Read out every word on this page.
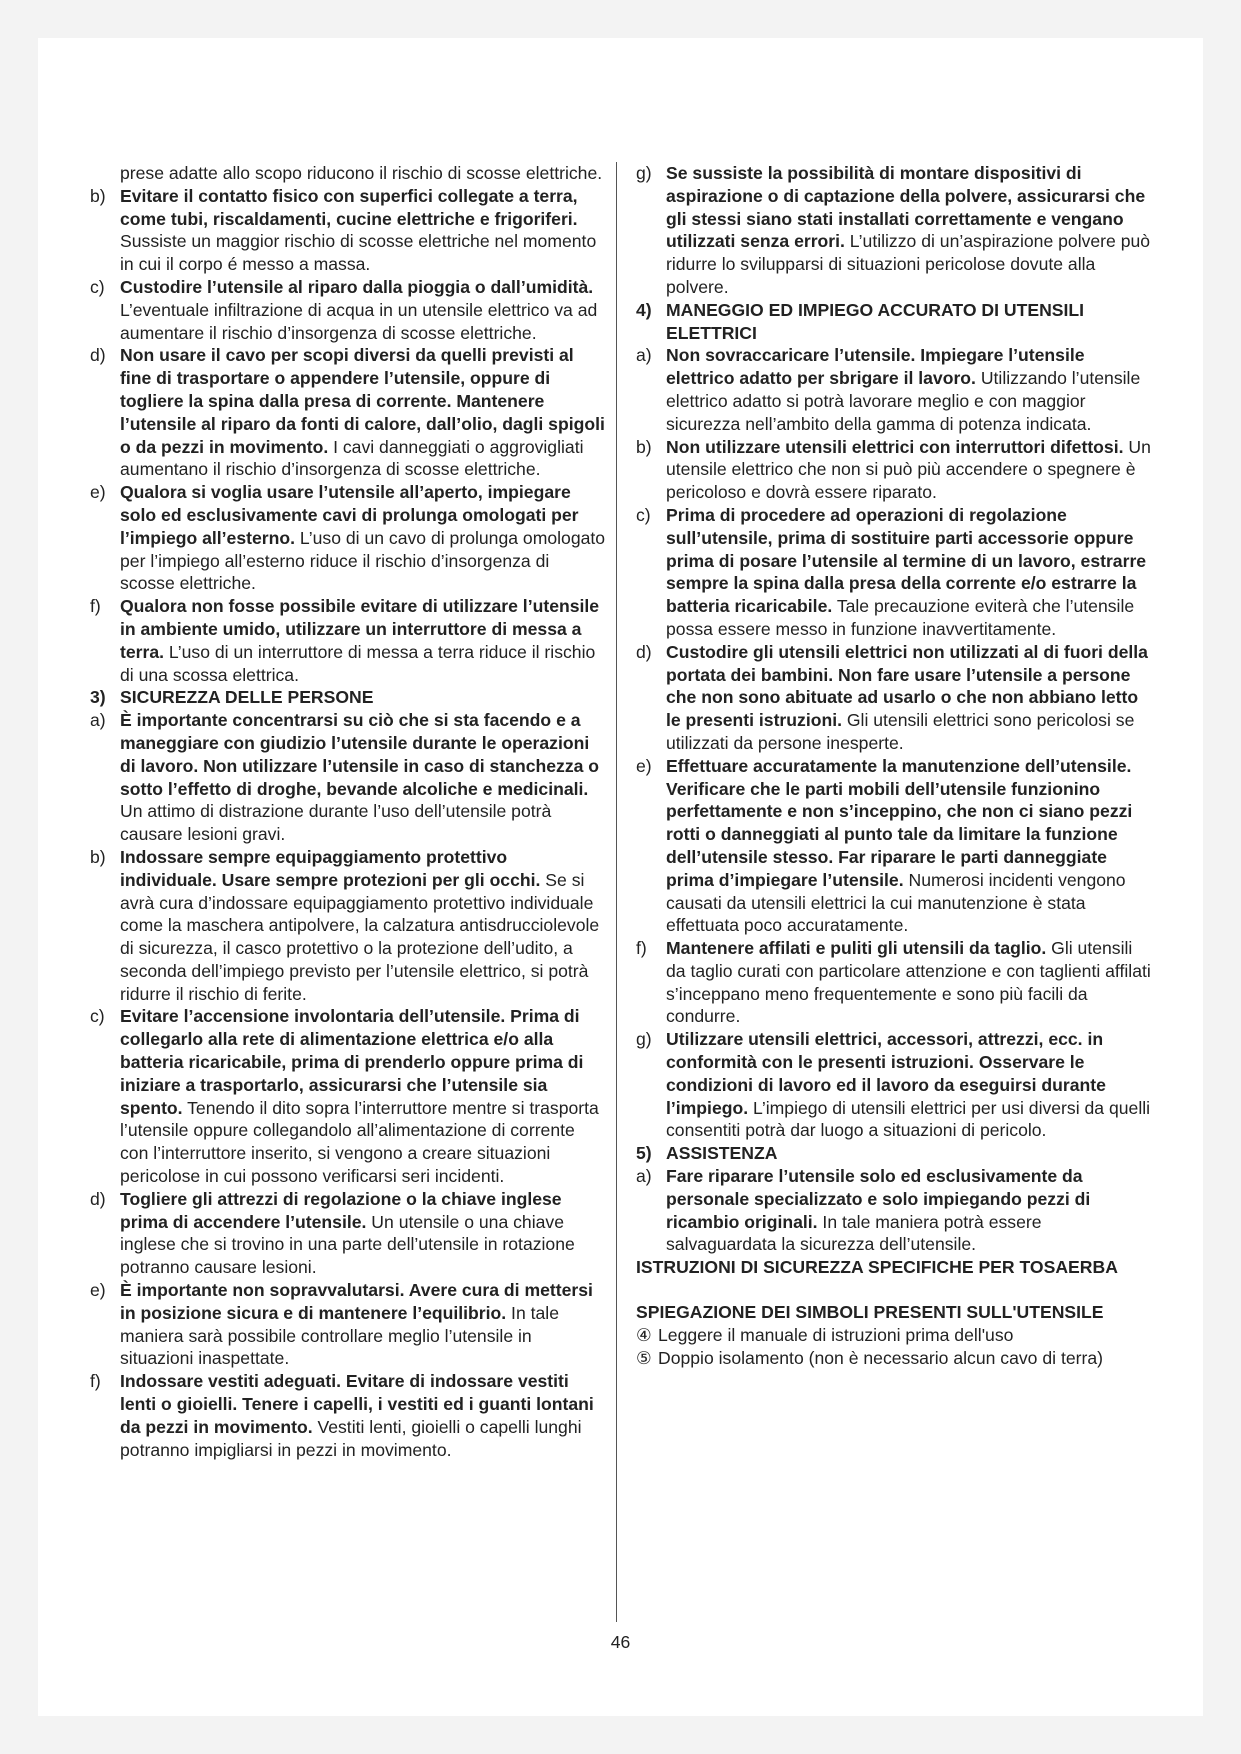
prese adatte allo scopo riducono il rischio di scosse elettriche.

b) Evitare il contatto fisico con superfici collegate a terra, come tubi, riscaldamenti, cucine elettriche e frigoriferi. Sussiste un maggior rischio di scosse elettriche nel momento in cui il corpo é messo a massa.

c) Custodire l’utensile al riparo dalla pioggia o dall’umidità. L’eventuale infiltrazione di acqua in un utensile elettrico va ad aumentare il rischio d’insorgenza di scosse elettriche.

d) Non usare il cavo per scopi diversi da quelli previsti al fine di trasportare o appendere l’utensile, oppure di togliere la spina dalla presa di corrente. Mantenere l’utensile al riparo da fonti di calore, dall’olio, dagli spigoli o da pezzi in movimento. I cavi danneggiati o aggrovigliati aumentano il rischio d’insorgenza di scosse elettriche.

e) Qualora si voglia usare l’utensile all’aperto, impiegare solo ed esclusivamente cavi di prolunga omologati per l’impiego all’esterno. L’uso di un cavo di prolunga omologato per l’impiego all’esterno riduce il rischio d’insorgenza di scosse elettriche.

f) Qualora non fosse possibile evitare di utilizzare l’utensile in ambiente umido, utilizzare un interruttore di messa a terra. L’uso di un interruttore di messa a terra riduce il rischio di una scossa elettrica.

3) SICUREZZA DELLE PERSONE

a) È importante concentrarsi su ciò che si sta facendo e a maneggiare con giudizio l’utensile durante le operazioni di lavoro. Non utilizzare l’utensile in caso di stanchezza o sotto l’effetto di droghe, bevande alcoliche e medicinali. Un attimo di distrazione durante l’uso dell’utensile potrà causare lesioni gravi.

b) Indossare sempre equipaggiamento protettivo individuale. Usare sempre protezioni per gli occhi. Se si avrà cura d’indossare equipaggiamento protettivo individuale come la maschera antipolvere, la calzatura antisdrucciolevole di sicurezza, il casco protettivo o la protezione dell’udito, a seconda dell’impiego previsto per l’utensile elettrico, si potrà ridurre il rischio di ferite.

c) Evitare l’accensione involontaria dell’utensile. Prima di collegarlo alla rete di alimentazione elettrica e/o alla batteria ricaricabile, prima di prenderlo oppure prima di iniziare a trasportarlo, assicurarsi che l’utensile sia spento. Tenendo il dito sopra l’interruttore mentre si trasporta l’utensile oppure collegandolo all’alimentazione di corrente con l’interruttore inserito, si vengono a creare situazioni pericolose in cui possono verificarsi seri incidenti.

d) Togliere gli attrezzi di regolazione o la chiave inglese prima di accendere l’utensile. Un utensile o una chiave inglese che si trovino in una parte dell’utensile in rotazione potranno causare lesioni.

e) È importante non sopravvalutarsi. Avere cura di mettersi in posizione sicura e di mantenere l’equilibrio. In tale maniera sarà possibile controllare meglio l’utensile in situazioni inaspettate.

f) Indossare vestiti adeguati. Evitare di indossare vestiti lenti o gioielli. Tenere i capelli, i vestiti ed i guanti lontani da pezzi in movimento. Vestiti lenti, gioielli o capelli lunghi potranno impigliarsi in pezzi in movimento.

g) Se sussiste la possibilità di montare dispositivi di aspirazione o di captazione della polvere, assicurarsi che gli stessi siano stati installati correttamente e vengano utilizzati senza errori. L’utilizzo di un’aspirazione polvere può ridurre lo svilupparsi di situazioni pericolose dovute alla polvere.

4) MANEGGIO ED IMPIEGO ACCURATO DI UTENSILI ELETTRICI

a) Non sovraccaricare l’utensile. Impiegare l’utensile elettrico adatto per sbrigare il lavoro. Utilizzando l’utensile elettrico adatto si potrà lavorare meglio e con maggior sicurezza nell’ambito della gamma di potenza indicata.

b) Non utilizzare utensili elettrici con interruttori difettosi. Un utensile elettrico che non si può più accendere o spegnere è pericoloso e dovrà essere riparato.

c) Prima di procedere ad operazioni di regolazione sull’utensile, prima di sostituire parti accessorie oppure prima di posare l’utensile al termine di un lavoro, estrarre sempre la spina dalla presa della corrente e/o estrarre la batteria ricaricabile. Tale precauzione eviterà che l’utensile possa essere messo in funzione inavvertitamente.

d) Custodire gli utensili elettrici non utilizzati al di fuori della portata dei bambini. Non fare usare l’utensile a persone che non sono abituate ad usarlo o che non abbiano letto le presenti istruzioni. Gli utensili elettrici sono pericolosi se utilizzati da persone inesperte.

e) Effettuare accuratamente la manutenzione dell’utensile. Verificare che le parti mobili dell’utensile funzionino perfettamente e non s’inceppino, che non ci siano pezzi rotti o danneggiati al punto tale da limitare la funzione dell’utensile stesso. Far riparare le parti danneggiate prima d’impiegare l’utensile. Numerosi incidenti vengono causati da utensili elettrici la cui manutenzione è stata effettuata poco accuratamente.

f) Mantenere affilati e puliti gli utensili da taglio. Gli utensili da taglio curati con particolare attenzione e con taglienti affilati s’inceppano meno frequentemente e sono più facili da condurre.

g) Utilizzare utensili elettrici, accessori, attrezzi, ecc. in conformità con le presenti istruzioni. Osservare le condizioni di lavoro ed il lavoro da eseguirsi durante l’impiego. L’impiego di utensili elettrici per usi diversi da quelli consentiti potrà dar luogo a situazioni di pericolo.

5) ASSISTENZA

a) Fare riparare l’utensile solo ed esclusivamente da personale specializzato e solo impiegando pezzi di ricambio originali. In tale maniera potrà essere salvaguardata la sicurezza dell’utensile.

ISTRUZIONI DI SICUREZZA SPECIFICHE PER TOSAERBA

SPIEGAZIONE DEI SIMBOLI PRESENTI SULL'UTENSILE

④ Leggere il manuale di istruzioni prima dell'uso

⑤ Doppio isolamento (non è necessario alcun cavo di terra)

46
